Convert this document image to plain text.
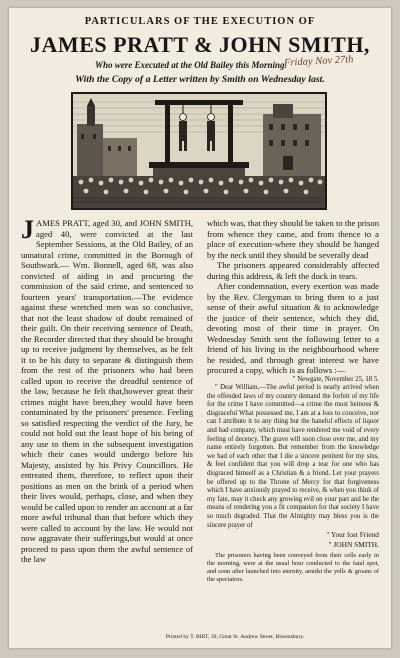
PARTICULARS OF THE EXECUTION OF
JAMES PRATT & JOHN SMITH,
Who were Executed at the Old Bailey this Morning.
Friday Nov 27th
With the Copy of a Letter written by Smith on Wednesday last.

JAMES PRATT, aged 30, and JOHN SMITH, aged 40, were convicted at the last September Sessions, at the Old Bailey, of an unnatural crime, committed in the Borough of Southwark.— Wm. Bonnell, aged 68, was also convicted of aiding in and procuring the commission of the said crime, and sentenced to fourteen years' transportation.—The evidence against these wretched men was so conclusive, that not the least shadow of doubt remained of their guilt. On their receiving sentence of Death, the Recorder directed that they should be brought up to receive judgment by themselves, as he felt it to be his duty to separate & distinguish them from the rest of the prisoners who had been called upon to receive the dreadful sentence of the law, because he felt that,however great their crimes might have been,they would have been contaminated by the prisoners' presence. Feeling so satisfied respecting the verdict of the Jury, he could not hold out the least hope of his being of any use to them in the subsequent investigation which their cases would undergo before his Majesty, assisted by his Privy Councillors. He entreated them, therefore, to reflect upon their positions as men on the brink of a period when their lives would, perhaps, close, and when they would be called upon to render an account at a far more awful tribunal than that before which they were called to account by the law. He would not now aggravate their sufferings,but would at once proceed to pass upon them the awful sentence of the law

which was, that they should be taken to the prison from whence they came, and from thence to a place of execution-where they should be hanged by the neck until they should be severally dead

The prisoners appeared considerably affected during this address, & left the dock in tears.

After condemnation, every exertion was made by the Rev. Clergyman to bring them to a just sense of their awful situation & to acknowledge the justice of their sentence, which they did, devoting most of their time in prayer. On Wednesday Smith sent the following letter to a friend of his living in the neighbourhood where he resided, and through great interest we have procured a copy, which is as follows :—

" Newgate, November 25, 18 5.

" Dear William,—The awful period is nearly arrived when the offended laws of my country demand the forfeit of my life for the crime I have committed—a crime the most heinous & disgraceful What possessed me, I am at a loss to conceive, nor can I attribute it to any thing but the baneful effects of liquor and bad company, which must have rendered me void of every feeling of decency. The grave will soon close over me, and my name entirely forgotten. But remember from the knowledge we had of each other that I die a sincere penitent for my sins, & feel confident that you will drop a tear for one who has disgraced himself as a Christian & a friend. Let your prayers be offered up to the Throne of Mercy for that forgiveness which I have anxiously prayed to receive, & when you think of my fate, may it check any growing evil on your part and be the means of rendering you a fit companion for that society I have so much degraded. That the Almighty may bless you is the sincere prayer of

" Your lost Friend

" JOHN SMITH.

The prisoners having been conveyed from their cells early in the morning, were at the usual hour conducted to the fatal spot, and soon after launched into eternity, amidst the yells & groans of the spectators.

Printed by T. BIRT, 39, Great St. Andrew Street, Bloomsbury.
